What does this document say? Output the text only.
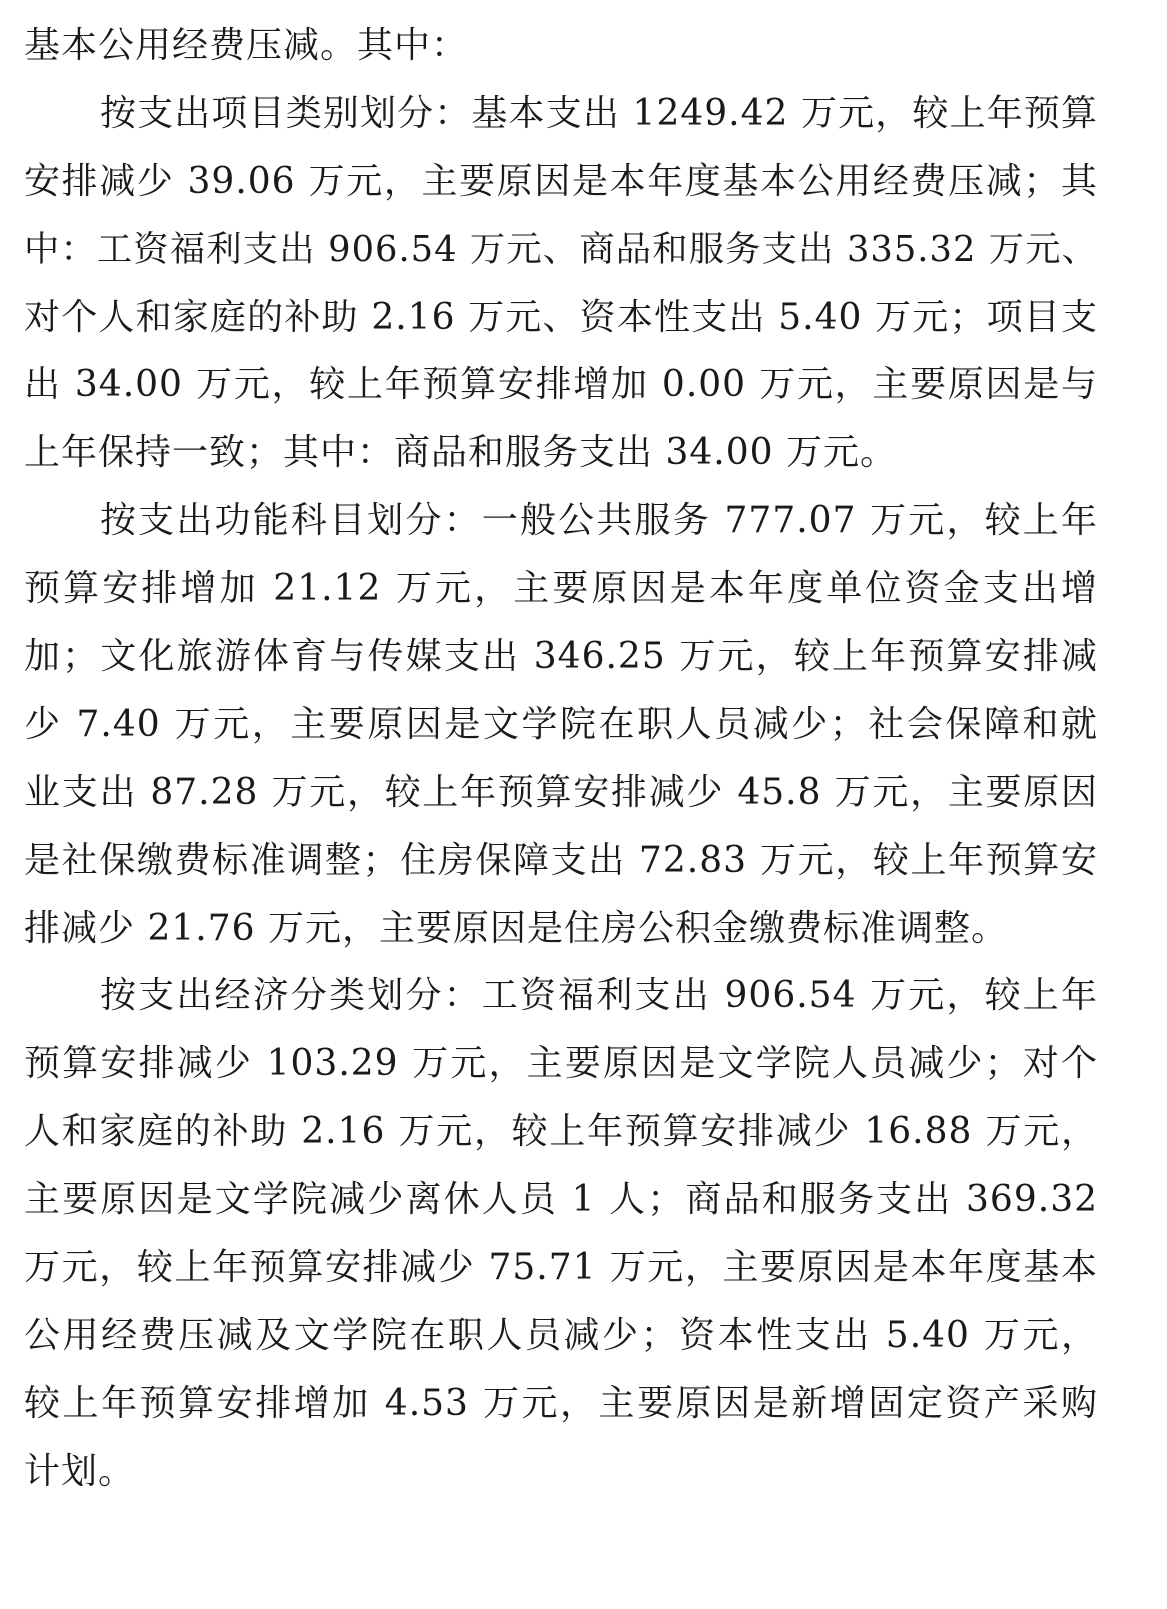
基本公用经费压减。其中：
按支出项目类别划分：基本支出 1249.42 万元，较上年预算
安排减少 39.06 万元，主要原因是本年度基本公用经费压减；其
中：工资福利支出 906.54 万元、商品和服务支出 335.32 万元、
对个人和家庭的补助 2.16 万元、资本性支出 5.40 万元；项目支
出 34.00 万元，较上年预算安排增加 0.00 万元，主要原因是与
上年保持一致；其中：商品和服务支出 34.00 万元。
按支出功能科目划分：一般公共服务 777.07 万元，较上年
预算安排增加 21.12 万元，主要原因是本年度单位资金支出增
加；文化旅游体育与传媒支出 346.25 万元，较上年预算安排减
少 7.40 万元，主要原因是文学院在职人员减少；社会保障和就
业支出 87.28 万元，较上年预算安排减少 45.8 万元，主要原因
是社保缴费标准调整；住房保障支出 72.83 万元，较上年预算安
排减少 21.76 万元，主要原因是住房公积金缴费标准调整。
按支出经济分类划分：工资福利支出 906.54 万元，较上年
预算安排减少 103.29 万元，主要原因是文学院人员减少；对个
人和家庭的补助 2.16 万元，较上年预算安排减少 16.88 万元，
主要原因是文学院减少离休人员 1 人；商品和服务支出 369.32
万元，较上年预算安排减少 75.71 万元，主要原因是本年度基本
公用经费压减及文学院在职人员减少；资本性支出 5.40 万元，
较上年预算安排增加 4.53 万元，主要原因是新增固定资产采购
计划。
